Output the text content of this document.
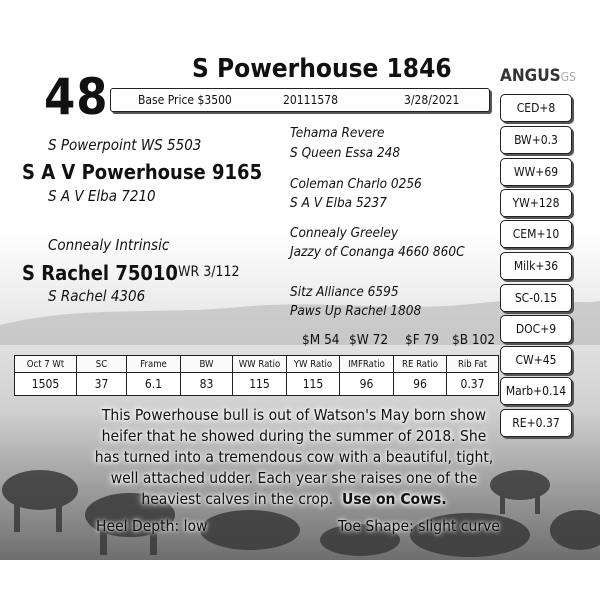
48	S Powerhouse 1846
Base Price $3500	20111578	3/28/2021
ANGUSGS
CED+8
BW+0.3
WW+69
YW+128
CEM+10
Milk+36
SC-0.15
DOC+9
CW+45
Marb+0.14
RE+0.37
S Powerpoint WS 5503
S A V Powerhouse 9165
S A V Elba 7210
Connealy Intrinsic
S Rachel 75010 WR 3/112
S Rachel 4306
Tehama Revere
S Queen Essa 248
Coleman Charlo 0256
S A V Elba 5237
Connealy Greeley
Jazzy of Conanga 4660 860C
Sitz Alliance 6595
Paws Up Rachel 1808
$M 54 $W 72 $F 79 $B 102
Oct 7 Wt	SC	Frame	BW	WW Ratio	YW Ratio	IMFRatio	RE Ratio	Rib Fat
1505	37	6.1	83	115	115	96	96	0.37
This Powerhouse bull is out of Watson's May born show
heifer that he showed during the summer of 2018. She
has turned into a tremendous cow with a beautiful, tight,
well attached udder. Each year she raises one of the
heaviest calves in the crop. Use on Cows.
Heel Depth: low	Toe Shape: slight curve
